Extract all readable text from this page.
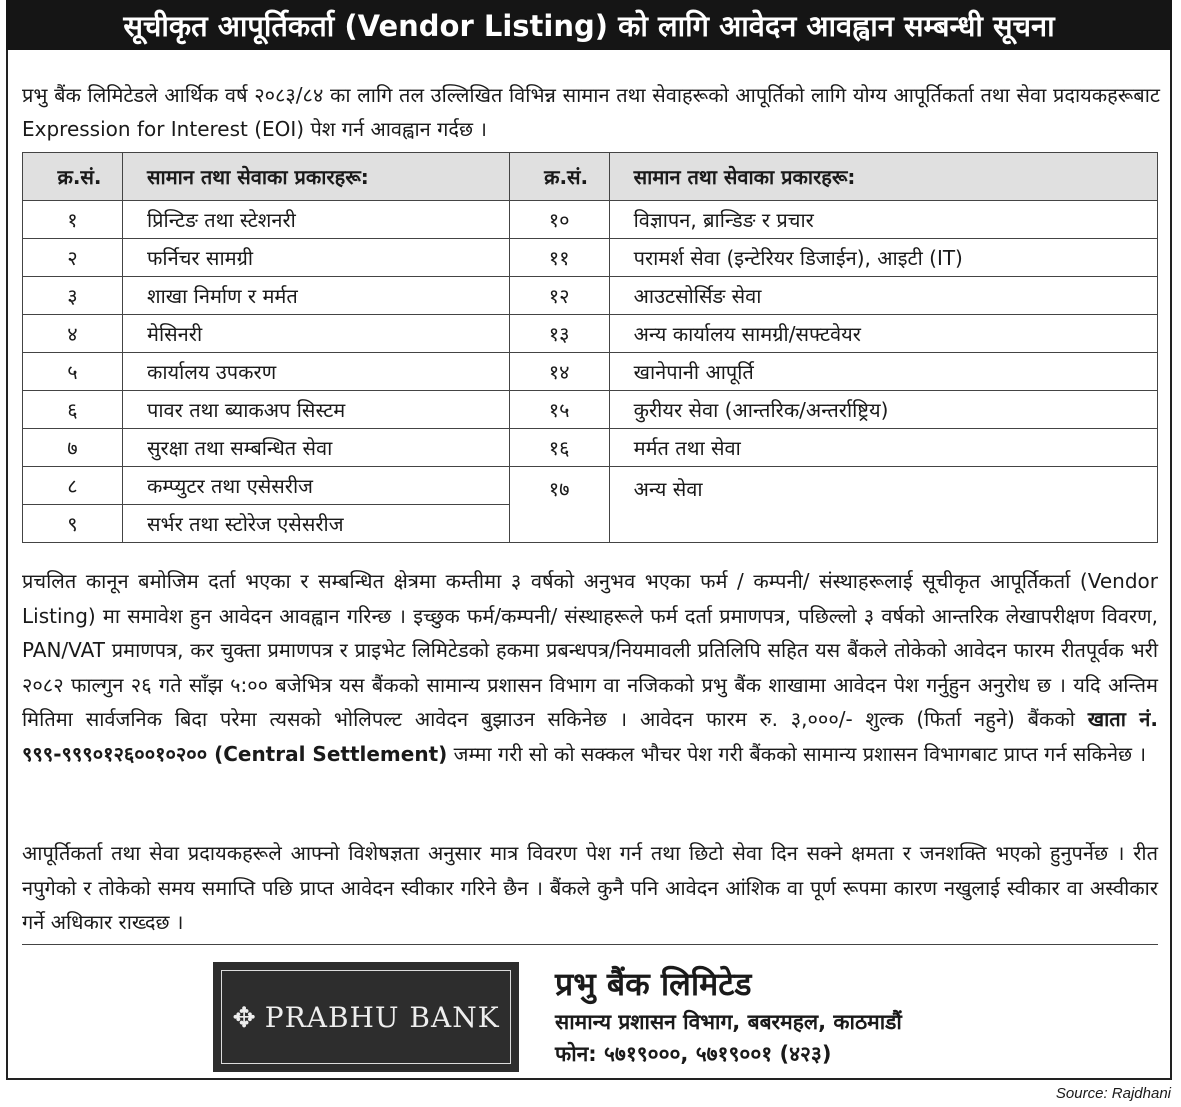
सूचीकृत आपूर्तिकर्ता (Vendor Listing) को लागि आवेदन आवह्वान सम्बन्धी सूचना
प्रभु बैंक लिमिटेडले आर्थिक वर्ष २०८३/८४ का लागि तल उल्लिखित विभिन्न सामान तथा सेवाहरूको आपूर्तिको लागि योग्य आपूर्तिकर्ता तथा सेवा प्रदायकहरूबाट Expression for Interest (EOI) पेश गर्न आवह्वान गर्दछ ।
क्र.सं.	सामान तथा सेवाका प्रकारहरू:	क्र.सं.	सामान तथा सेवाका प्रकारहरू:
१	प्रिन्टिङ तथा स्टेशनरी	१०	विज्ञापन, ब्रान्डिङ र प्रचार
२	फर्निचर सामग्री	११	परामर्श सेवा (इन्टेरियर डिजाईन), आइटी (IT)
३	शाखा निर्माण र मर्मत	१२	आउटसोर्सिङ सेवा
४	मेसिनरी	१३	अन्य कार्यालय सामग्री/सफ्टवेयर
५	कार्यालय उपकरण	१४	खानेपानी आपूर्ति
६	पावर तथा ब्याकअप सिस्टम	१५	कुरीयर सेवा (आन्तरिक/अन्तर्राष्ट्रिय)
७	सुरक्षा तथा सम्बन्धित सेवा	१६	मर्मत तथा सेवा
८	कम्प्युटर तथा एसेसरीज	१७	अन्य सेवा
९	सर्भर तथा स्टोरेज एसेसरीज		
प्रचलित कानून बमोजिम दर्ता भएका र सम्बन्धित क्षेत्रमा कम्तीमा ३ वर्षको अनुभव भएका फर्म / कम्पनी/ संस्थाहरूलाई सूचीकृत आपूर्तिकर्ता (Vendor Listing) मा समावेश हुन आवेदन आवह्वान गरिन्छ । इच्छुक फर्म/कम्पनी/ संस्थाहरूले फर्म दर्ता प्रमाणपत्र, पछिल्लो ३ वर्षको आन्तरिक लेखापरीक्षण विवरण, PAN/VAT प्रमाणपत्र, कर चुक्ता प्रमाणपत्र र प्राइभेट लिमिटेडको हकमा प्रबन्धपत्र/नियमावली प्रतिलिपि सहित यस बैंकले तोकेको आवेदन फारम रीतपूर्वक भरी २०८२ फाल्गुन २६ गते साँझ ५:०० बजेभित्र यस बैंकको सामान्य प्रशासन विभाग वा नजिकको प्रभु बैंक शाखामा आवेदन पेश गर्नुहुन अनुरोध छ । यदि अन्तिम मितिमा सार्वजनिक बिदा परेमा त्यसको भोलिपल्ट आवेदन बुझाउन सकिनेछ । आवेदन फारम रु. ३,०००/- शुल्क (फिर्ता नहुने) बैंकको खाता नं. ९९९-९९९०१२६००१०२०० (Central Settlement) जम्मा गरी सो को सक्कल भौचर पेश गरी बैंकको सामान्य प्रशासन विभागबाट प्राप्त गर्न सकिनेछ ।
आपूर्तिकर्ता तथा सेवा प्रदायकहरूले आफ्नो विशेषज्ञता अनुसार मात्र विवरण पेश गर्न तथा छिटो सेवा दिन सक्ने क्षमता र जनशक्ति भएको हुनुपर्नेछ । रीत नपुगेको र तोकेको समय समाप्ति पछि प्राप्त आवेदन स्वीकार गरिने छैन । बैंकले कुनै पनि आवेदन आंशिक वा पूर्ण रूपमा कारण नखुलाई स्वीकार वा अस्वीकार गर्ने अधिकार राख्दछ ।
✥ PRABHU BANK
प्रभु बैंक लिमिटेड
सामान्य प्रशासन विभाग, बबरमहल, काठमाडौं
फोन: ५७१९०००, ५७१९००१ (४२३)
Source: Rajdhani
